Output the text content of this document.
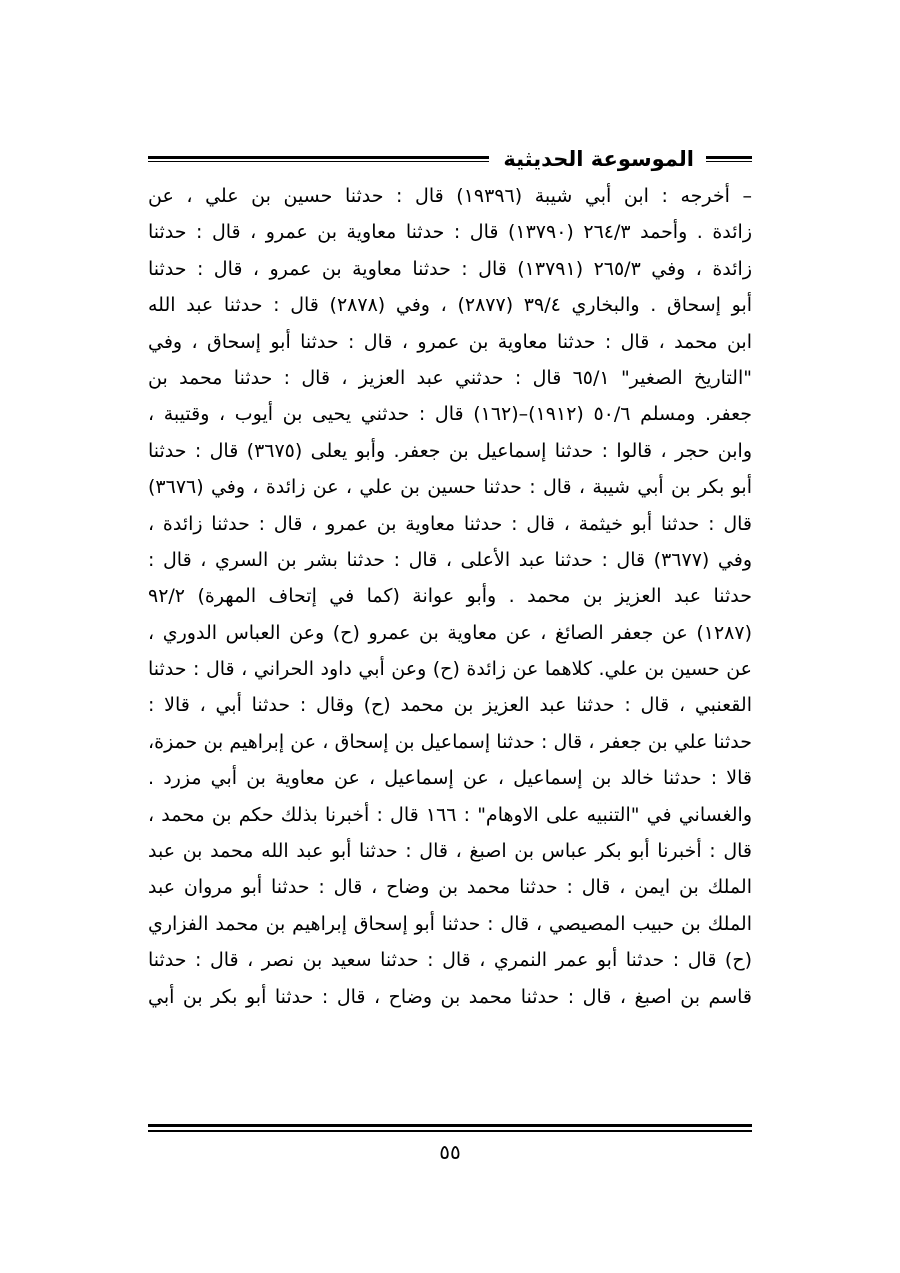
الموسوعة الحديثية
– أخرجه : ابن أبي شيبة (١٩٣٩٦) قال : حدثنا حسين بن علي ، عن
زائدة . وأحمد ٢٦٤/٣ (١٣٧٩٠) قال : حدثنا معاوية بن عمرو ، قال : حدثنا
زائدة ، وفي ٢٦٥/٣ (١٣٧٩١) قال : حدثنا معاوية بن عمرو ، قال : حدثنا
أبو إسحاق . والبخاري ٣٩/٤ (٢٨٧٧) ، وفي (٢٨٧٨) قال : حدثنا عبد الله
ابن محمد ، قال : حدثنا معاوية بن عمرو ، قال : حدثنا أبو إسحاق ، وفي
"التاريخ الصغير" ٦٥/١ قال : حدثني عبد العزيز ، قال : حدثنا محمد بن
جعفر. ومسلم ٥٠/٦ (١٩١٢)–(١٦٢) قال : حدثني يحيى بن أيوب ، وقتيبة ،
وابن حجر ، قالوا : حدثنا إسماعيل بن جعفر. وأبو يعلى (٣٦٧٥) قال : حدثنا
أبو بكر بن أبي شيبة ، قال : حدثنا حسين بن علي ، عن زائدة ، وفي (٣٦٧٦)
قال : حدثنا أبو خيثمة ، قال : حدثنا معاوية بن عمرو ، قال : حدثنا زائدة ،
وفي (٣٦٧٧) قال : حدثنا عبد الأعلى ، قال : حدثنا بشر بن السري ، قال :
حدثنا عبد العزيز بن محمد . وأبو عوانة (كما في إتحاف المهرة) ٩٢/٢
(١٢٨٧) عن جعفر الصائغ ، عن معاوية بن عمرو (ح) وعن العباس الدوري ،
عن حسين بن علي. كلاهما عن زائدة (ح) وعن أبي داود الحراني ، قال : حدثنا
القعنبي ، قال : حدثنا عبد العزيز بن محمد (ح) وقال : حدثنا أبي ، قالا :
حدثنا علي بن جعفر ، قال : حدثنا إسماعيل بن إسحاق ، عن إبراهيم بن حمزة،
قالا : حدثنا خالد بن إسماعيل ، عن إسماعيل ، عن معاوية بن أبي مزرد .
والغساني في "التنبيه على الاوهام" : ١٦٦ قال : أخبرنا بذلك حكم بن محمد ،
قال : أخبرنا أبو بكر عباس بن اصبغ ، قال : حدثنا أبو عبد الله محمد بن عبد
الملك بن ايمن ، قال : حدثنا محمد بن وضاح ، قال : حدثنا أبو مروان عبد
الملك بن حبيب المصيصي ، قال : حدثنا أبو إسحاق إبراهيم بن محمد الفزاري
(ح) قال : حدثنا أبو عمر النمري ، قال : حدثنا سعيد بن نصر ، قال : حدثنا
قاسم بن اصبغ ، قال : حدثنا محمد بن وضاح ، قال : حدثنا أبو بكر بن أبي
٥٥
